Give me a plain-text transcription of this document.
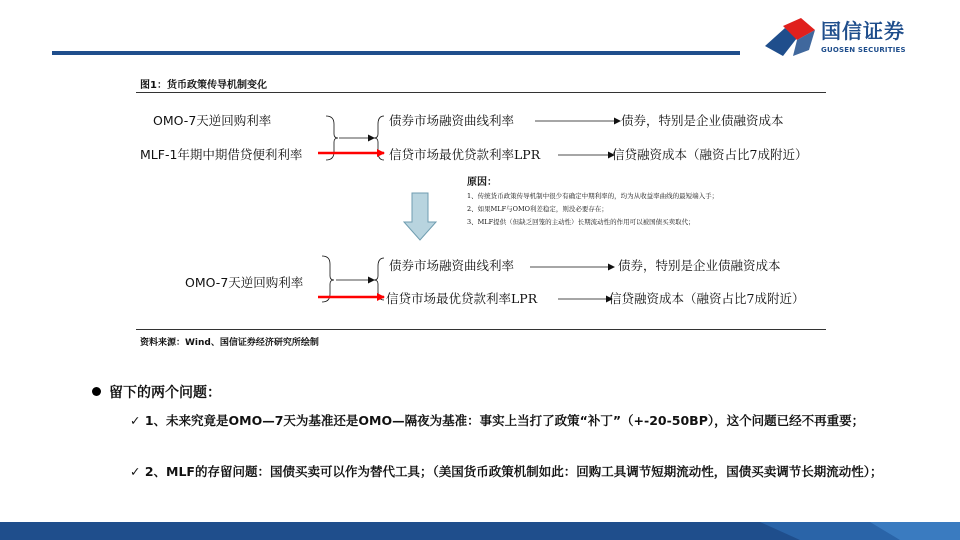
国信证券
GUOSEN SECURITIES
图1：货币政策传导机制变化
OMO-7天逆回购利率
MLF-1年期中期借贷便利利率
债券市场融资曲线利率
信贷市场最优贷款利率LPR
债券，特别是企业债融资成本
信贷融资成本（融资占比7成附近）
原因：
1、传统货币政策传导机制中很少有确定中期利率的，均为从收益率曲线的最短端入手；
2、如果MLF与OMO利差稳定，则没必要存在；
3、MLF提供（但缺乏回笼的主动性）长期流动性的作用可以被国债买卖取代；
OMO-7天逆回购利率
债券市场融资曲线利率
信贷市场最优贷款利率LPR
债券，特别是企业债融资成本
信贷融资成本（融资占比7成附近）
资料来源：Wind、国信证券经济研究所绘制
留下的两个问题：
✓ 1、未来究竟是OMO—7天为基准还是OMO—隔夜为基准：事实上当打了政策“补丁”（+-20-50BP），这个问题已经不再重要；
✓ 2、MLF的存留问题：国债买卖可以作为替代工具；（美国货币政策机制如此：回购工具调节短期流动性，国债买卖调节长期流动性）；
请务必阅读正文之后的免责声明及其项下所有内容
